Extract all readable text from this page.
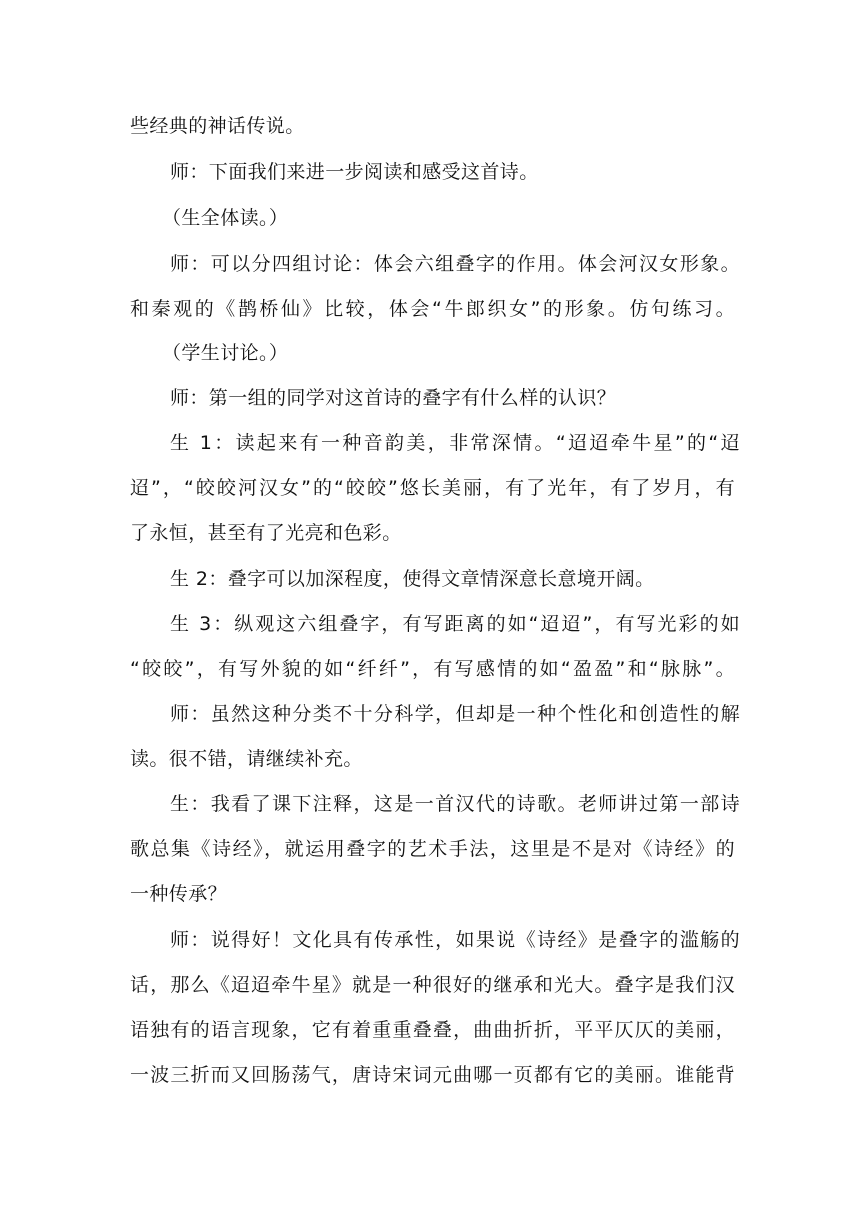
些经典的神话传说。
师：下面我们来进一步阅读和感受这首诗。
（生全体读。）
师：可以分四组讨论：体会六组叠字的作用。体会河汉女形象。
和秦观的《鹊桥仙》比较，体会“牛郎织女”的形象。仿句练习。
（学生讨论。）
师：第一组的同学对这首诗的叠字有什么样的认识？
生 1：读起来有一种音韵美，非常深情。“迢迢牵牛星”的“迢
迢”，“皎皎河汉女”的“皎皎”悠长美丽，有了光年，有了岁月，有
了永恒，甚至有了光亮和色彩。
生 2：叠字可以加深程度，使得文章情深意长意境开阔。
生 3：纵观这六组叠字，有写距离的如“迢迢”，有写光彩的如
“皎皎”，有写外貌的如“纤纤”，有写感情的如“盈盈”和“脉脉”。
师：虽然这种分类不十分科学，但却是一种个性化和创造性的解
读。很不错，请继续补充。
生：我看了课下注释，这是一首汉代的诗歌。老师讲过第一部诗
歌总集《诗经》，就运用叠字的艺术手法，这里是不是对《诗经》的
一种传承？
师：说得好！文化具有传承性，如果说《诗经》是叠字的滥觞的
话，那么《迢迢牵牛星》就是一种很好的继承和光大。叠字是我们汉
语独有的语言现象，它有着重重叠叠，曲曲折折，平平仄仄的美丽，
一波三折而又回肠荡气，唐诗宋词元曲哪一页都有它的美丽。谁能背
